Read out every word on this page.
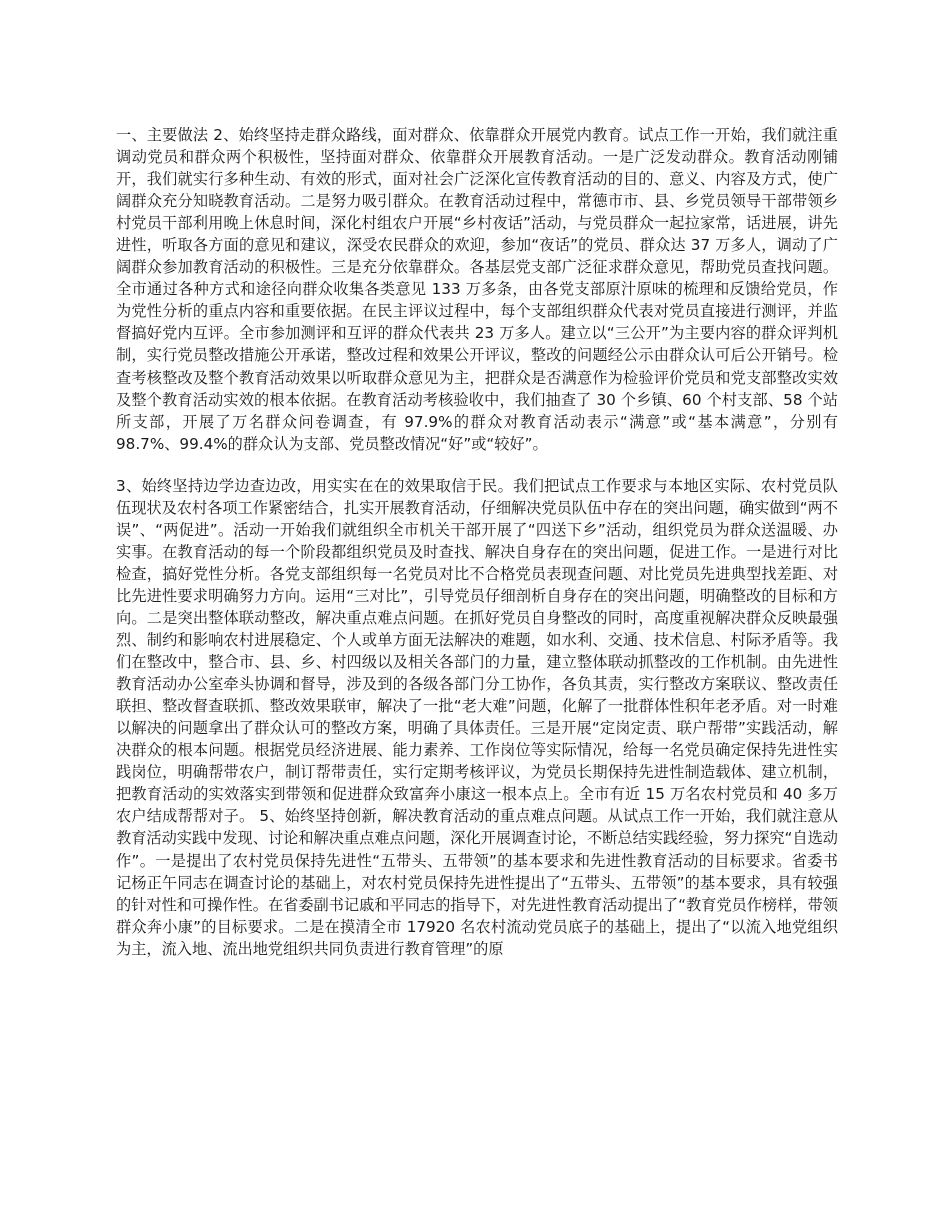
一、主要做法 2、始终坚持走群众路线，面对群众、依靠群众开展党内教育。试点工作一开始，我们就注重调动党员和群众两个积极性，坚持面对群众、依靠群众开展教育活动。一是广泛发动群众。教育活动刚铺开，我们就实行多种生动、有效的形式，面对社会广泛深化宣传教育活动的目的、意义、内容及方式，使广阔群众充分知晓教育活动。二是努力吸引群众。在教育活动过程中，常德市市、县、乡党员领导干部带领乡村党员干部利用晚上休息时间，深化村组农户开展“乡村夜话”活动，与党员群众一起拉家常，话进展，讲先进性，听取各方面的意见和建议，深受农民群众的欢迎，参加“夜话”的党员、群众达 37 万多人，调动了广阔群众参加教育活动的积极性。三是充分依靠群众。各基层党支部广泛征求群众意见，帮助党员查找问题。全市通过各种方式和途径向群众收集各类意见 133 万多条，由各党支部原汁原味的梳理和反馈给党员，作为党性分析的重点内容和重要依据。在民主评议过程中，每个支部组织群众代表对党员直接进行测评，并监督搞好党内互评。全市参加测评和互评的群众代表共 23 万多人。建立以“三公开”为主要内容的群众评判机制，实行党员整改措施公开承诺，整改过程和效果公开评议，整改的问题经公示由群众认可后公开销号。检查考核整改及整个教育活动效果以听取群众意见为主，把群众是否满意作为检验评价党员和党支部整改实效及整个教育活动实效的根本依据。在教育活动考核验收中，我们抽查了 30 个乡镇、60 个村支部、58 个站所支部，开展了万名群众问卷调查，有 97.9%的群众对教育活动表示“满意”或“基本满意”，分别有 98.7%、99.4%的群众认为支部、党员整改情况“好”或“较好”。

3、始终坚持边学边查边改，用实实在在的效果取信于民。我们把试点工作要求与本地区实际、农村党员队伍现状及农村各项工作紧密结合，扎实开展教育活动，仔细解决党员队伍中存在的突出问题，确实做到“两不误”、“两促进”。活动一开始我们就组织全市机关干部开展了“四送下乡”活动，组织党员为群众送温暖、办实事。在教育活动的每一个阶段都组织党员及时查找、解决自身存在的突出问题，促进工作。一是进行对比检查，搞好党性分析。各党支部组织每一名党员对比不合格党员表现查问题、对比党员先进典型找差距、对比先进性要求明确努力方向。运用“三对比”，引导党员仔细剖析自身存在的突出问题，明确整改的目标和方向。二是突出整体联动整改，解决重点难点问题。在抓好党员自身整改的同时，高度重视解决群众反映最强烈、制约和影响农村进展稳定、个人或单方面无法解决的难题，如水利、交通、技术信息、村际矛盾等。我们在整改中，整合市、县、乡、村四级以及相关各部门的力量，建立整体联动抓整改的工作机制。由先进性教育活动办公室牵头协调和督导，涉及到的各级各部门分工协作，各负其责，实行整改方案联议、整改责任联担、整改督查联抓、整改效果联审，解决了一批“老大难”问题，化解了一批群体性积年老矛盾。对一时难以解决的问题拿出了群众认可的整改方案，明确了具体责任。三是开展“定岗定责、联户帮带”实践活动，解决群众的根本问题。根据党员经济进展、能力素养、工作岗位等实际情况，给每一名党员确定保持先进性实践岗位，明确帮带农户，制订帮带责任，实行定期考核评议，为党员长期保持先进性制造载体、建立机制，把教育活动的实效落实到带领和促进群众致富奔小康这一根本点上。全市有近 15 万名农村党员和 40 多万农户结成帮帮对子。 5、始终坚持创新，解决教育活动的重点难点问题。从试点工作一开始，我们就注意从教育活动实践中发现、讨论和解决重点难点问题，深化开展调查讨论，不断总结实践经验，努力探究“自选动作”。一是提出了农村党员保持先进性“五带头、五带领”的基本要求和先进性教育活动的目标要求。省委书记杨正午同志在调查讨论的基础上，对农村党员保持先进性提出了“五带头、五带领”的基本要求，具有较强的针对性和可操作性。在省委副书记戚和平同志的指导下，对先进性教育活动提出了“教育党员作榜样，带领群众奔小康”的目标要求。二是在摸清全市 17920 名农村流动党员底子的基础上，提出了“以流入地党组织为主，流入地、流出地党组织共同负责进行教育管理”的原
